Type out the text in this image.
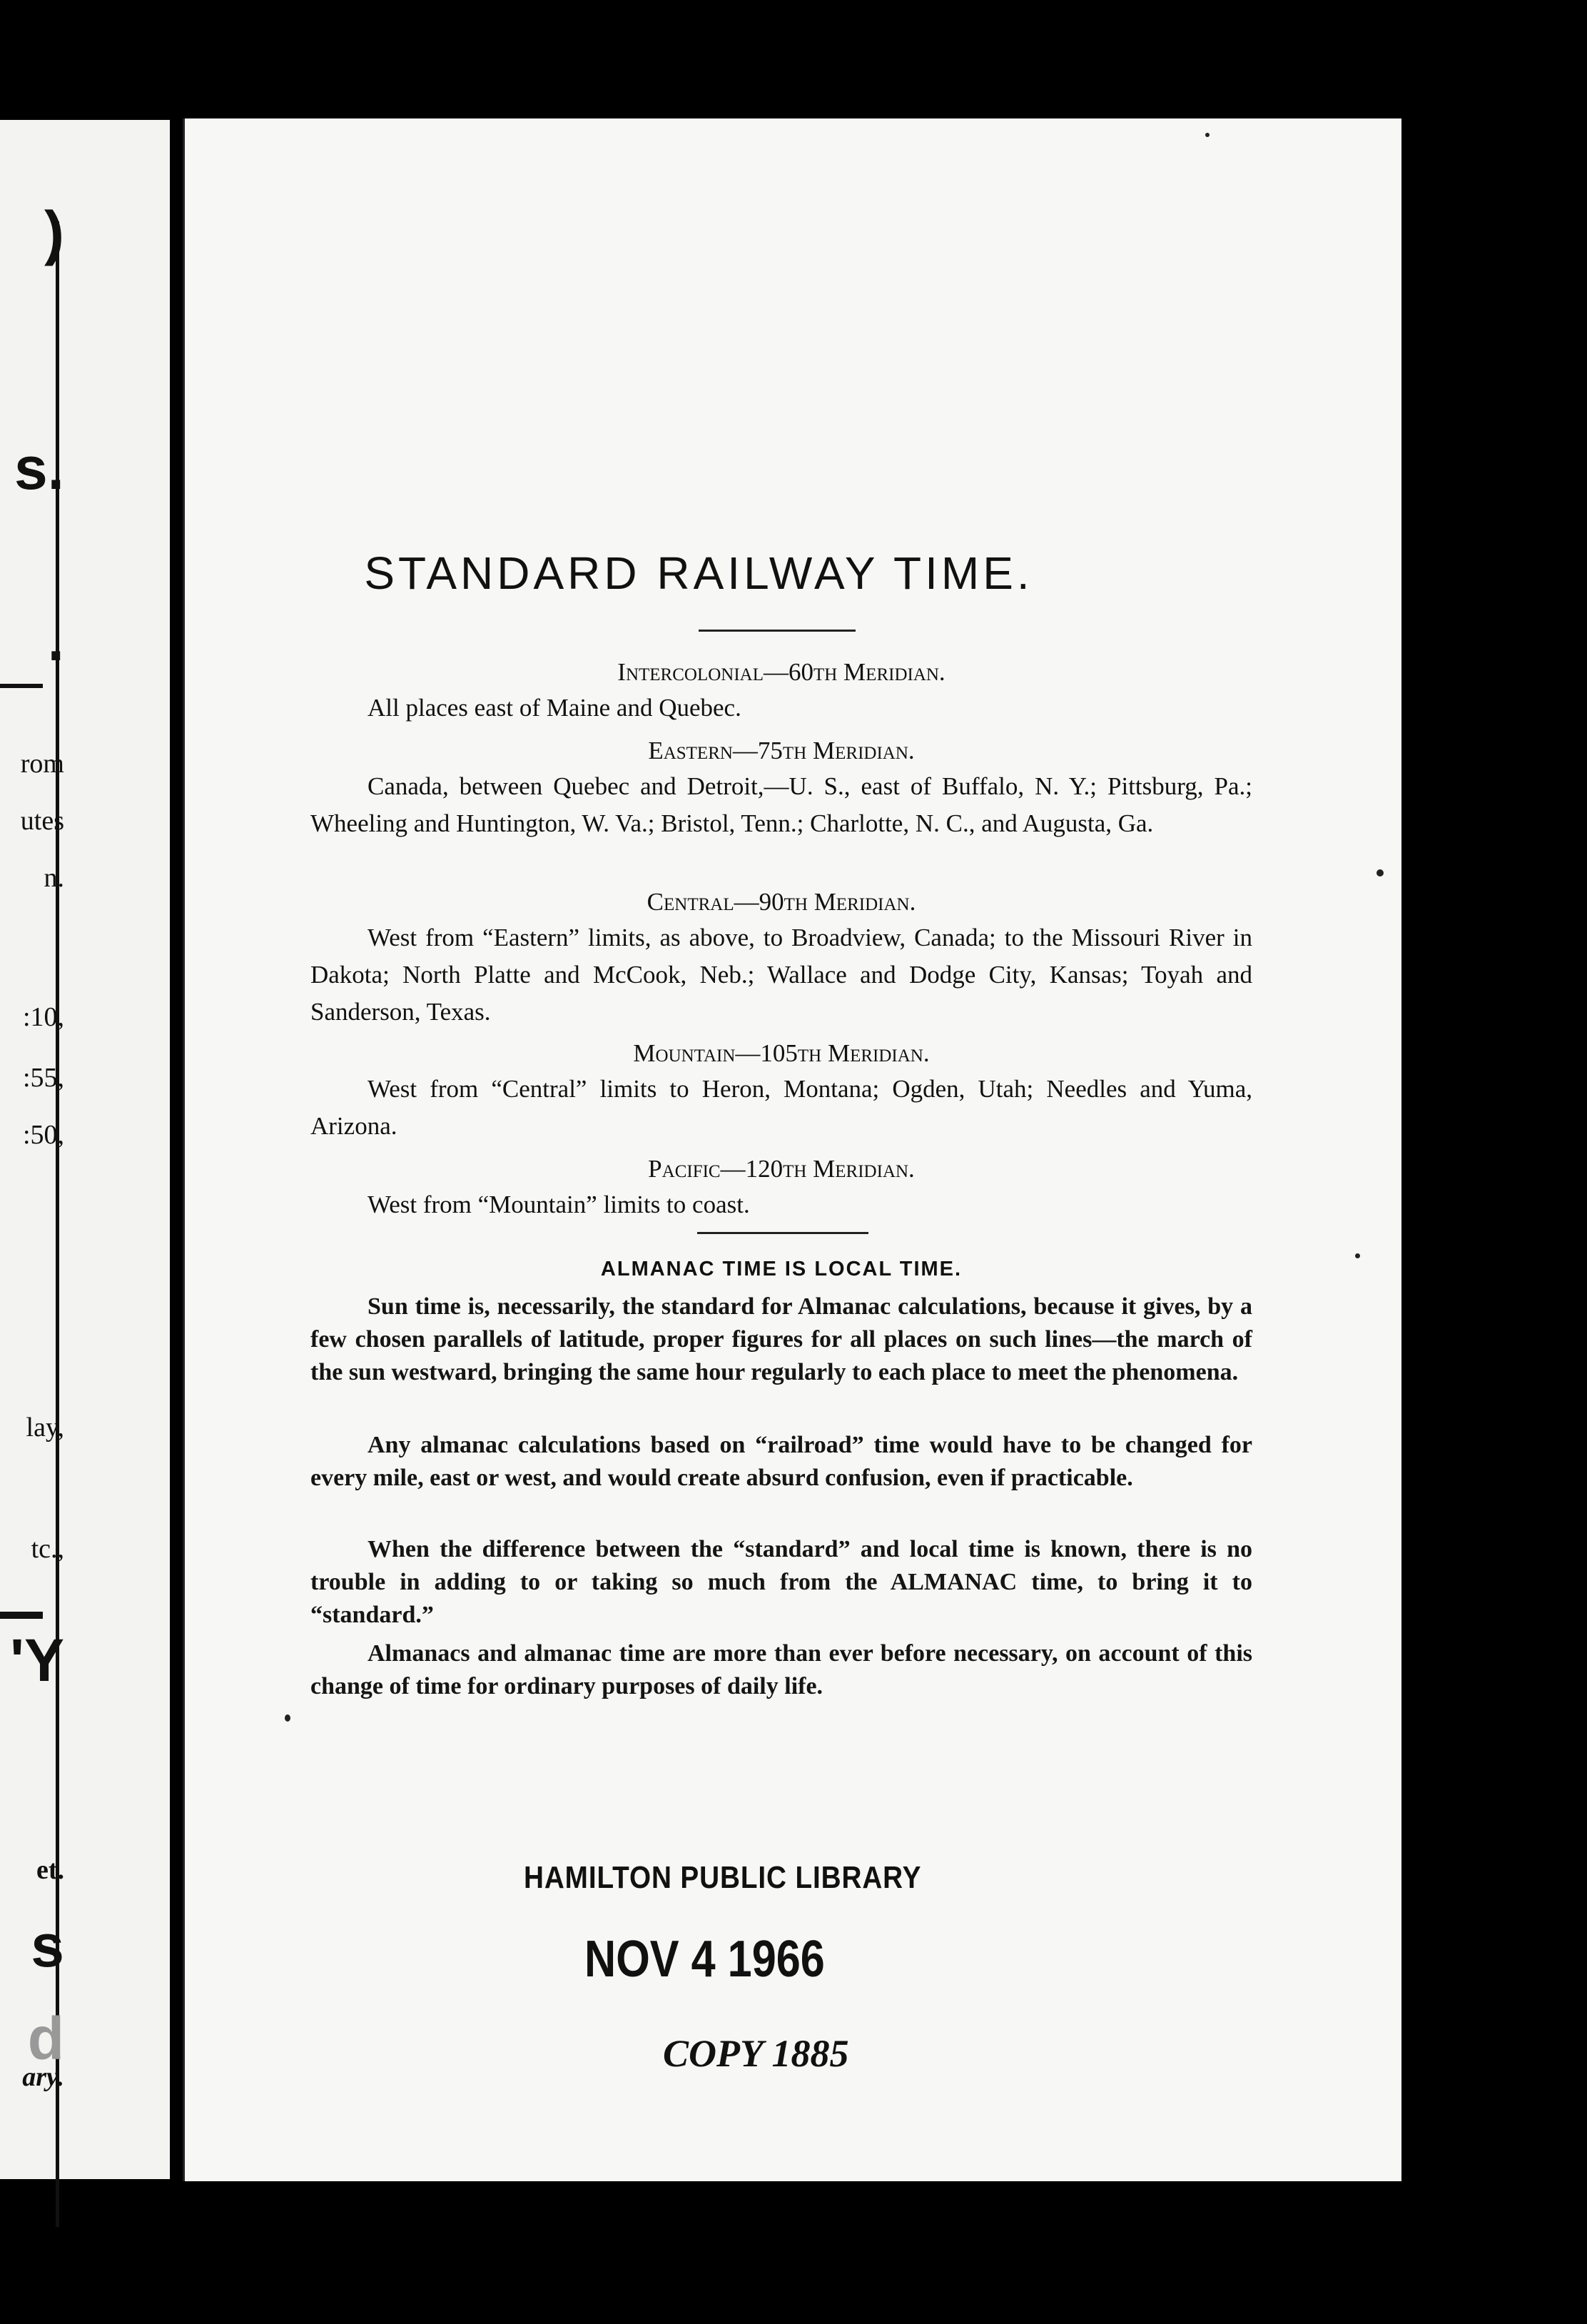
)
s.
.
rom
utes
n.
:10,
:55,
:50,
lay,
tc.,
'Y
et.
s
d
ary.
STANDARD RAILWAY TIME.
Intercolonial—60th Meridian.
All places east of Maine and Quebec.
Eastern—75th Meridian.
Canada, between Quebec and Detroit,—U. S., east of Buffalo, N. Y.; Pittsburg, Pa.; Wheeling and Huntington, W. Va.; Bristol, Tenn.; Charlotte, N. C., and Augusta, Ga.
Central—90th Meridian.
West from “Eastern” limits, as above, to Broadview, Canada; to the Missouri River in Dakota; North Platte and McCook, Neb.; Wallace and Dodge City, Kansas; Toyah and Sanderson, Texas.
Mountain—105th Meridian.
West from “Central” limits to Heron, Montana; Ogden, Utah; Needles and Yuma, Arizona.
Pacific—120th Meridian.
West from “Mountain” limits to coast.
ALMANAC TIME IS LOCAL TIME.
Sun time is, necessarily, the standard for Almanac calculations, because it gives, by a few chosen parallels of latitude, proper figures for all places on such lines—the march of the sun westward, bringing the same hour regularly to each place to meet the phenomena.
Any almanac calculations based on “railroad” time would have to be changed for every mile, east or west, and would create absurd confusion, even if practicable.
When the difference between the “standard” and local time is known, there is no trouble in adding to or taking so much from the ALMANAC time, to bring it to “standard.”
Almanacs and almanac time are more than ever before necessary, on account of this change of time for ordinary purposes of daily life.
HAMILTON PUBLIC LIBRARY
NOV 4 1966
COPY 1885
